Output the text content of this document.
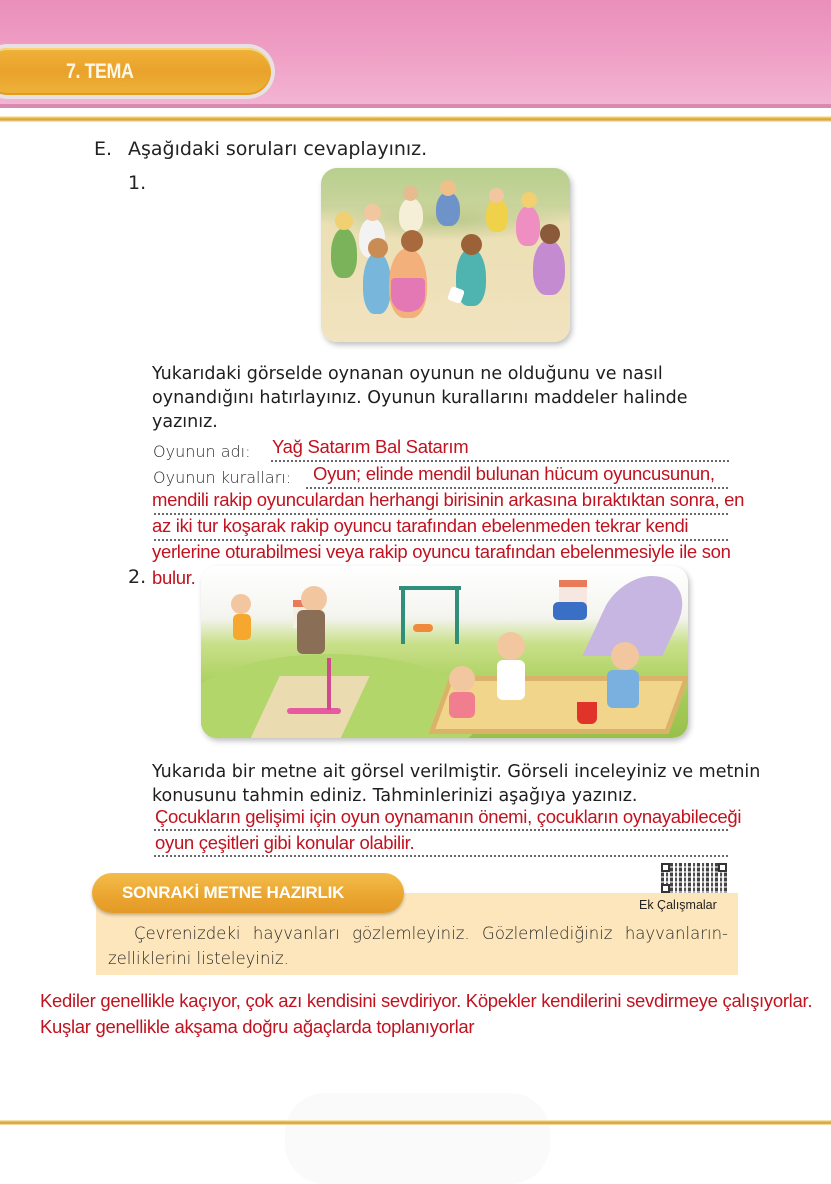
7. TEMA
E. Aşağıdaki soruları cevaplayınız.
1.
Yukarıdaki görselde oynanan oyunun ne olduğunu ve nasıl oynandığını hatırlayınız. Oyunun kurallarını maddeler halinde yazınız.
Oyunun adı: Yağ Satarım Bal Satarım
Oyunun kuralları: Oyun; elinde mendil bulunan hücum oyuncusunun,
mendili rakip oyunculardan herhangi birisinin arkasına bıraktıktan sonra, en
az iki tur koşarak rakip oyuncu tarafından ebelenmeden tekrar kendi
yerlerine oturabilmesi veya rakip oyuncu tarafından ebelenmesiyle ile son
2. bulur.
Yukarıda bir metne ait görsel verilmiştir. Görseli inceleyiniz ve metnin konusunu tahmin ediniz. Tahminlerinizi aşağıya yazınız.
Çocukların gelişimi için oyun oynamanın önemi, çocukların oynayabileceği
oyun çeşitleri gibi konular olabilir.
SONRAKİ METNE HAZIRLIK
Ek Çalışmalar
Çevrenizdeki hayvanları gözlemleyiniz. Gözlemlediğiniz hayvanların- zelliklerini listeleyiniz.
Kediler genellikle kaçıyor, çok azı kendisini sevdiriyor. Köpekler kendilerini sevdirmeye çalışıyorlar. Kuşlar genellikle akşama doğru ağaçlarda toplanıyorlar
